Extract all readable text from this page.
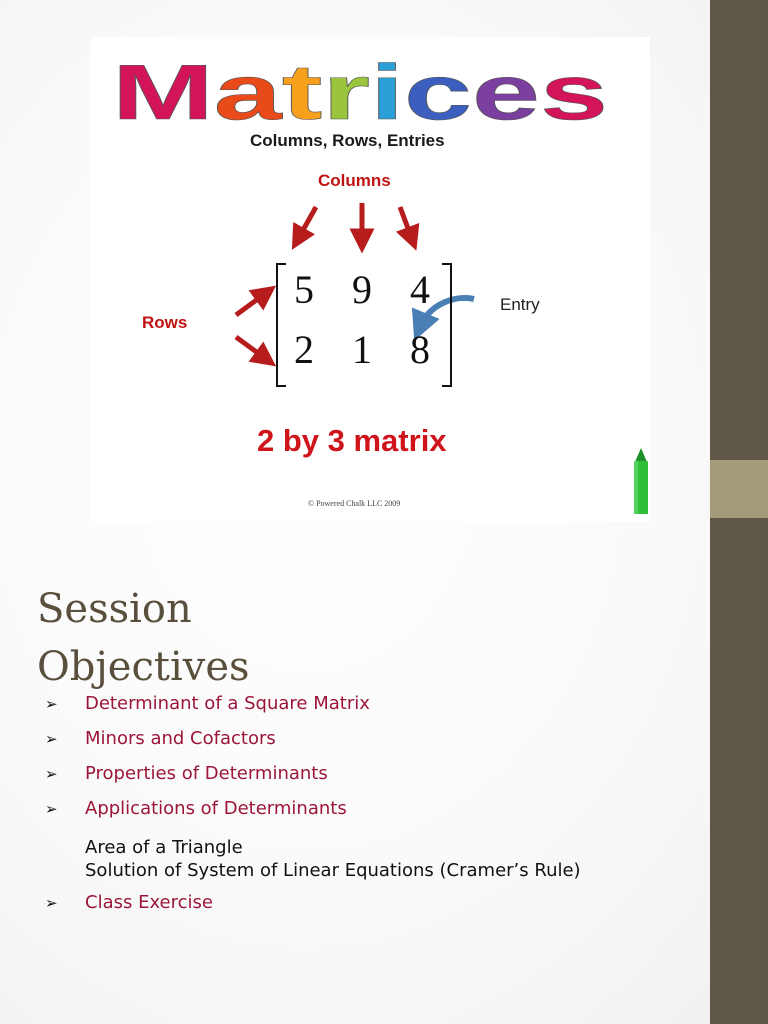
M a t r i c e s
Columns, Rows, Entries
Columns
Rows
Entry
5 9 4
2 1 8
2 by 3 matrix
© Powered Chalk LLC 2009
Session Objectives
➢	Determinant of a Square Matrix
➢	Minors and Cofactors
➢	Properties of Determinants
➢	Applications of Determinants
Area of a Triangle
Solution of System of Linear Equations (Cramer’s Rule)
➢	Class Exercise
